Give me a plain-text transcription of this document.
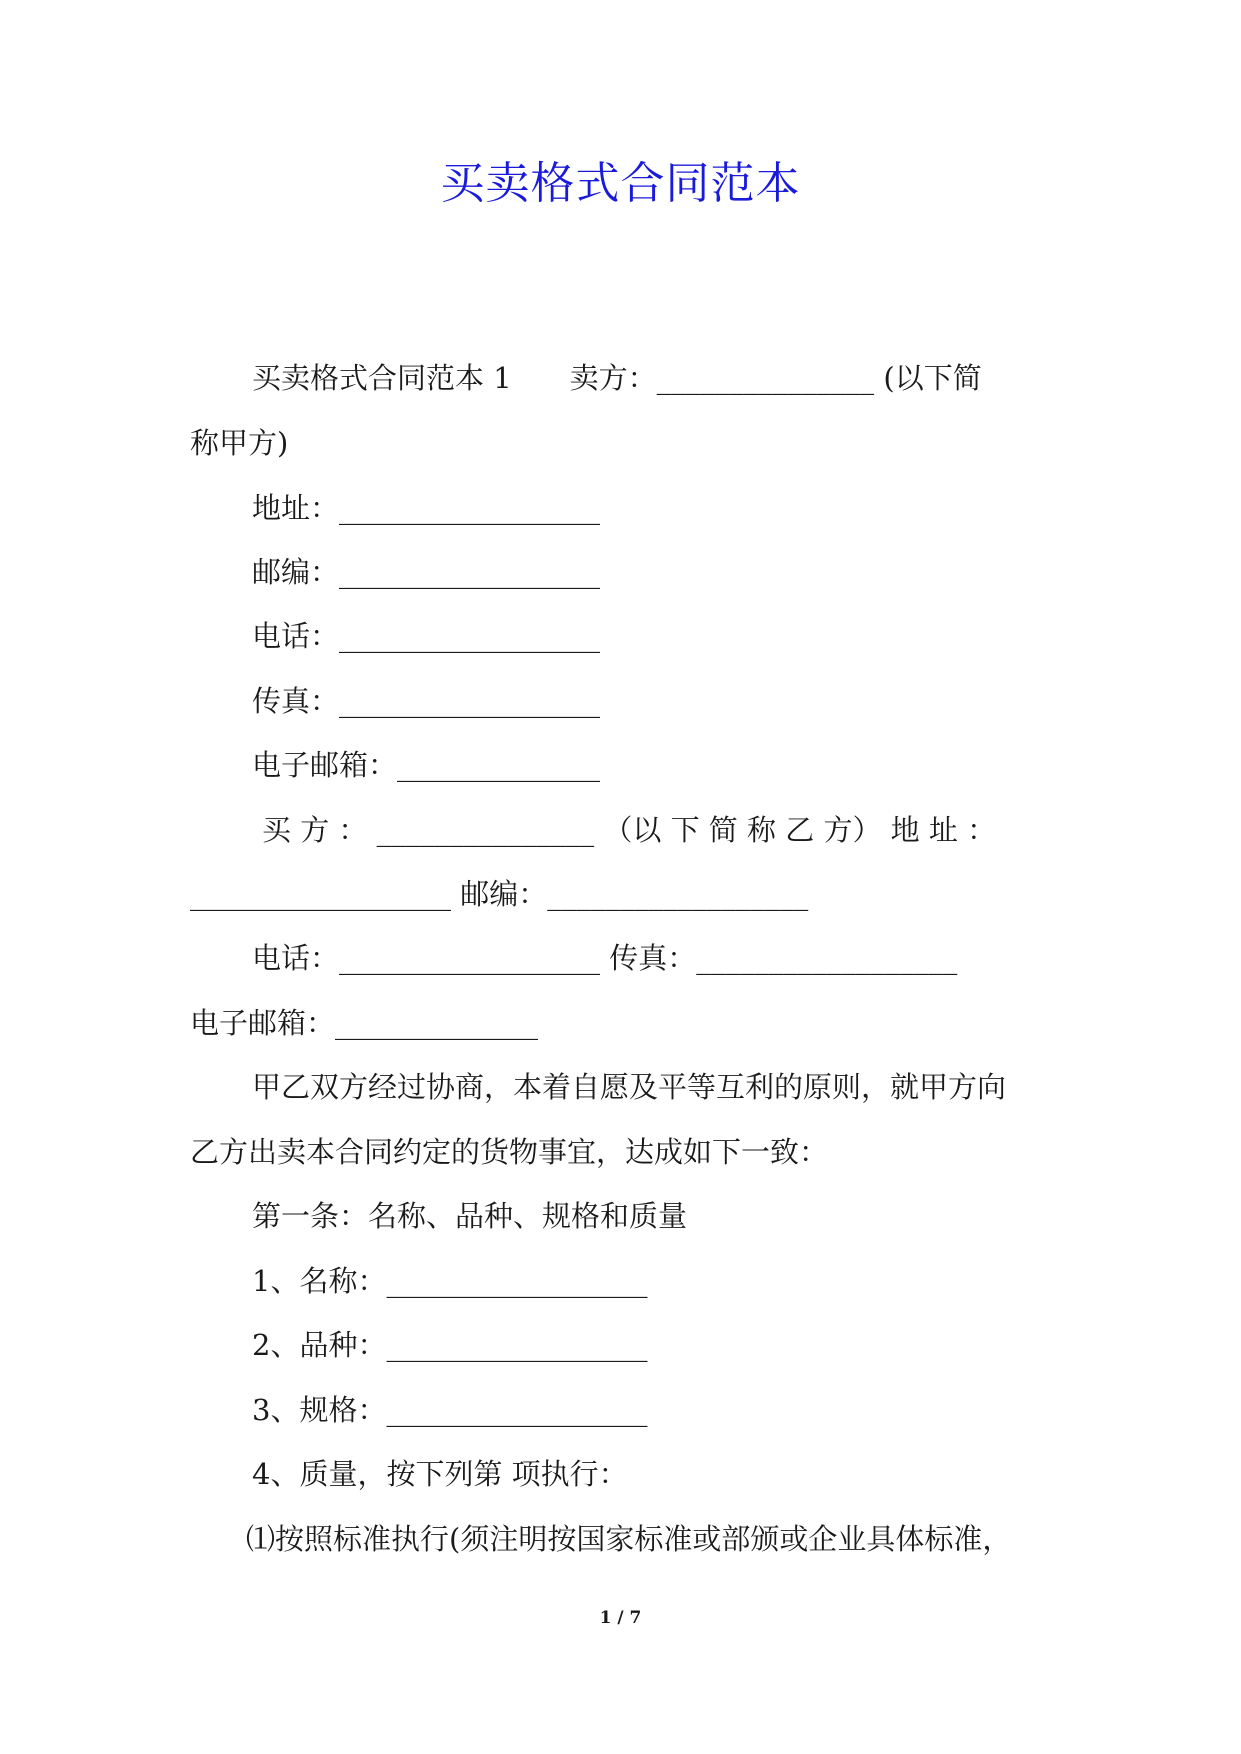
买卖格式合同范本
买卖格式合同范本 1　　卖方：_______________ (以下简
称甲方)
地址：__________________
邮编：__________________
电话：__________________
传真：__________________
电子邮箱：______________
买 方 ： _______________ （以 下 简 称 乙 方） 地 址 ：
__________________ 邮编：__________________
电话：__________________ 传真：__________________
电子邮箱：______________
甲乙双方经过协商，本着自愿及平等互利的原则，就甲方向
乙方出卖本合同约定的货物事宜，达成如下一致：
第一条：名称、品种、规格和质量
1、名称：__________________
2、品种：__________________
3、规格：__________________
4、质量，按下列第 项执行：
⑴按照标准执行(须注明按国家标准或部颁或企业具体标准，
1 / 7
